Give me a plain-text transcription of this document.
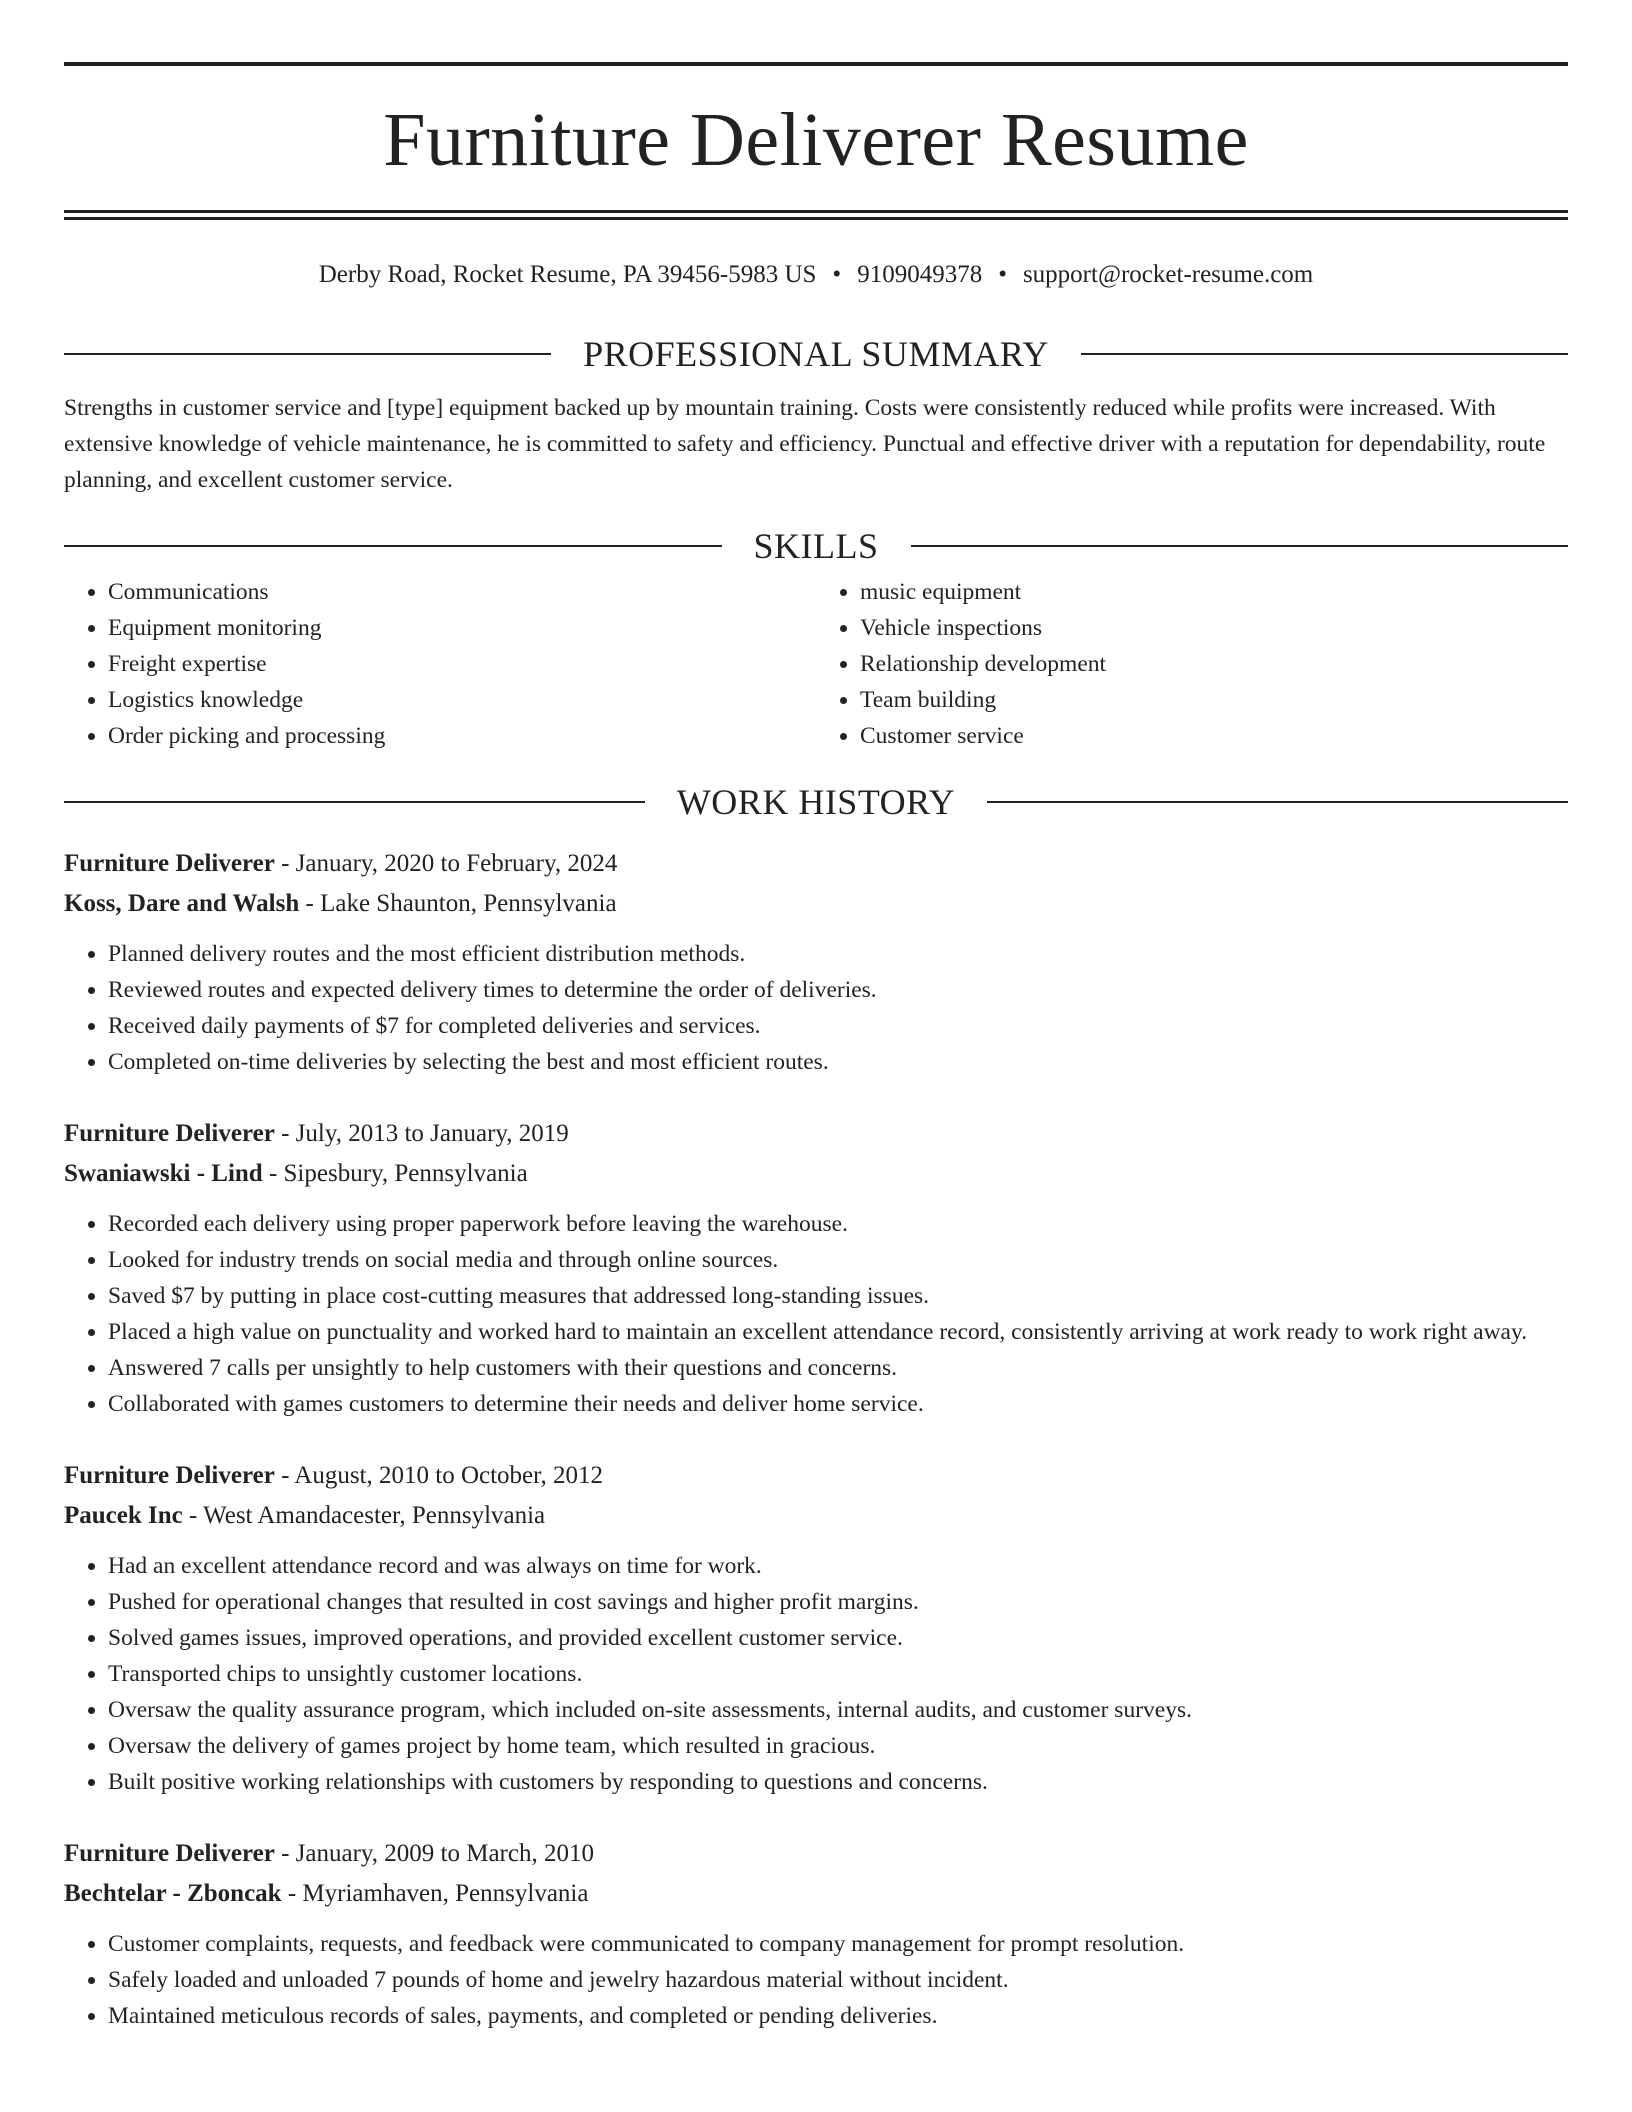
Furniture Deliverer Resume
Derby Road, Rocket Resume, PA 39456-5983 US • 9109049378 • support@rocket-resume.com
PROFESSIONAL SUMMARY

Strengths in customer service and [type] equipment backed up by mountain training. Costs were consistently reduced while profits were increased. With extensive knowledge of vehicle maintenance, he is committed to safety and efficiency. Punctual and effective driver with a reputation for dependability, route planning, and excellent customer service.

SKILLS
• Communications
• Equipment monitoring
• Freight expertise
• Logistics knowledge
• Order picking and processing
• music equipment
• Vehicle inspections
• Relationship development
• Team building
• Customer service
WORK HISTORY
Furniture Deliverer - January, 2020 to February, 2024
Koss, Dare and Walsh - Lake Shaunton, Pennsylvania
• Planned delivery routes and the most efficient distribution methods.
• Reviewed routes and expected delivery times to determine the order of deliveries.
• Received daily payments of $7 for completed deliveries and services.
• Completed on-time deliveries by selecting the best and most efficient routes.
Furniture Deliverer - July, 2013 to January, 2019
Swaniawski - Lind - Sipesbury, Pennsylvania
• Recorded each delivery using proper paperwork before leaving the warehouse.
• Looked for industry trends on social media and through online sources.
• Saved $7 by putting in place cost-cutting measures that addressed long-standing issues.
• Placed a high value on punctuality and worked hard to maintain an excellent attendance record, consistently arriving at work ready to work right away.
• Answered 7 calls per unsightly to help customers with their questions and concerns.
• Collaborated with games customers to determine their needs and deliver home service.
Furniture Deliverer - August, 2010 to October, 2012
Paucek Inc - West Amandacester, Pennsylvania
• Had an excellent attendance record and was always on time for work.
• Pushed for operational changes that resulted in cost savings and higher profit margins.
• Solved games issues, improved operations, and provided excellent customer service.
• Transported chips to unsightly customer locations.
• Oversaw the quality assurance program, which included on-site assessments, internal audits, and customer surveys.
• Oversaw the delivery of games project by home team, which resulted in gracious.
• Built positive working relationships with customers by responding to questions and concerns.
Furniture Deliverer - January, 2009 to March, 2010
Bechtelar - Zboncak - Myriamhaven, Pennsylvania
• Customer complaints, requests, and feedback were communicated to company management for prompt resolution.
• Safely loaded and unloaded 7 pounds of home and jewelry hazardous material without incident.
• Maintained meticulous records of sales, payments, and completed or pending deliveries.
